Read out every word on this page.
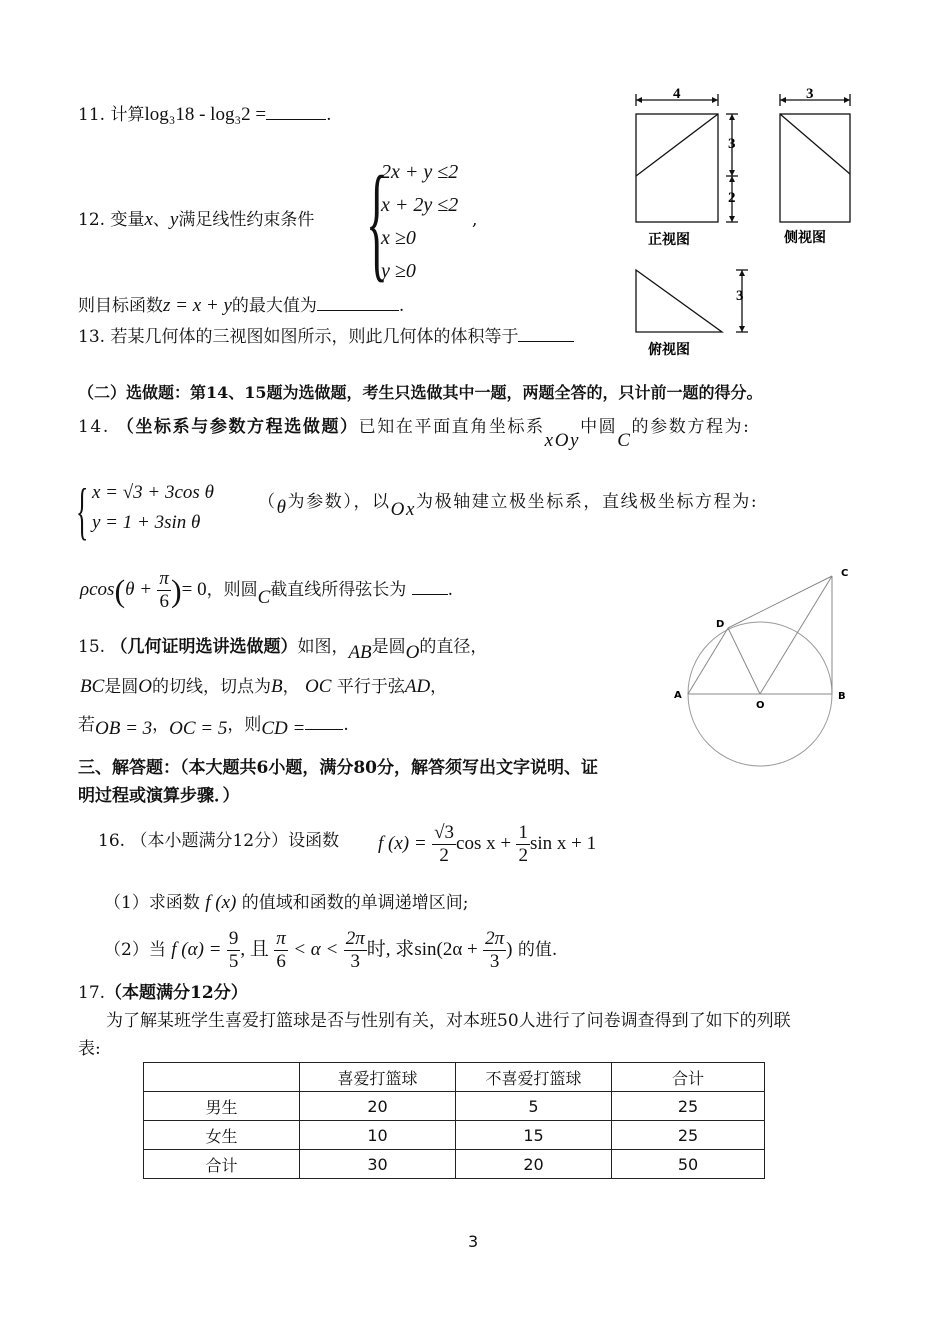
11. 计算log₃18 - log₃2 =	.
12. 变量x、y满足线性约束条件 {
2x + y ≤2
x + 2y ≤2
x ≥0
y ≥0
,
则目标函数z = x + y的最大值为	.
13. 若某几何体的三视图如图所示，则此几何体的体积等于
4	3
3
2
3
正视图	侧视图
俯视图
（二）选做题：第14、15题为选做题，考生只选做其中一题，两题全答的，只计前一题的得分。
14. （坐标系与参数方程选做题）已知在平面直角坐标系xOy中圆C的参数方程为:
{ x = √3 + 3cos θ
y = 1 + 3sin θ
（θ为参数），以Ox为极轴建立极坐标系，直线极坐标方程为:
$\rho\cos(\theta + \frac{\pi}{6}$ )= 0，则圆C截直线所得弦长为 .
15. （几何证明选讲选做题）如图，AB是圆O的直径，
BC是圆O的切线，切点为B， OC 平行于弦AD，
若OB = 3，OC = 5，则CD = .
A	B
C
D
O
三、解答题：（本大题共6小题，满分80分，解答须写出文字说明、证
明过程或演算步骤．）
16. （本小题满分12分）设函数 f $(x) = \frac{√3}{2}$ $\cos x + \frac{1}{2}$ sin x + 1
（1）求函数 f (x) 的值域和函数的单调递增区间;
（2）当 f $(\alpha) = \frac{9}{5}$ , 且 $\frac{\pi}{6} < \alpha < \frac{2\pi}{3}$ 时, 求$\sin(2\alpha + \frac{2\pi}{3}$ ) 的值.
17.（本题满分12分）
为了解某班学生喜爱打篮球是否与性别有关，对本班50人进行了问卷调查得到了如下的列联
表:
	喜爱打篮球	不喜爱打篮球	合计
男生	20	5	25
女生	10	15	25
合计	30	20	50
3
